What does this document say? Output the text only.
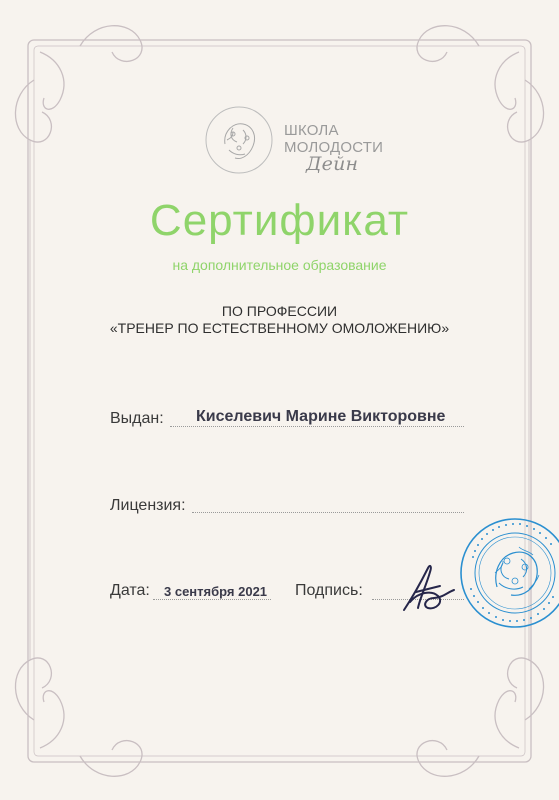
ШКОЛА
МОЛОДОСТИ
Дейн
Сертификат
на дополнительное образование
ПО ПРОФЕССИИ
«ТРЕНЕР ПО ЕСТЕСТВЕННОМУ ОМОЛОЖЕНИЮ»
Выдан: Киселевич Марине Викторовне
Лицензия:
Дата: 3 сентября 2021 Подпись:
